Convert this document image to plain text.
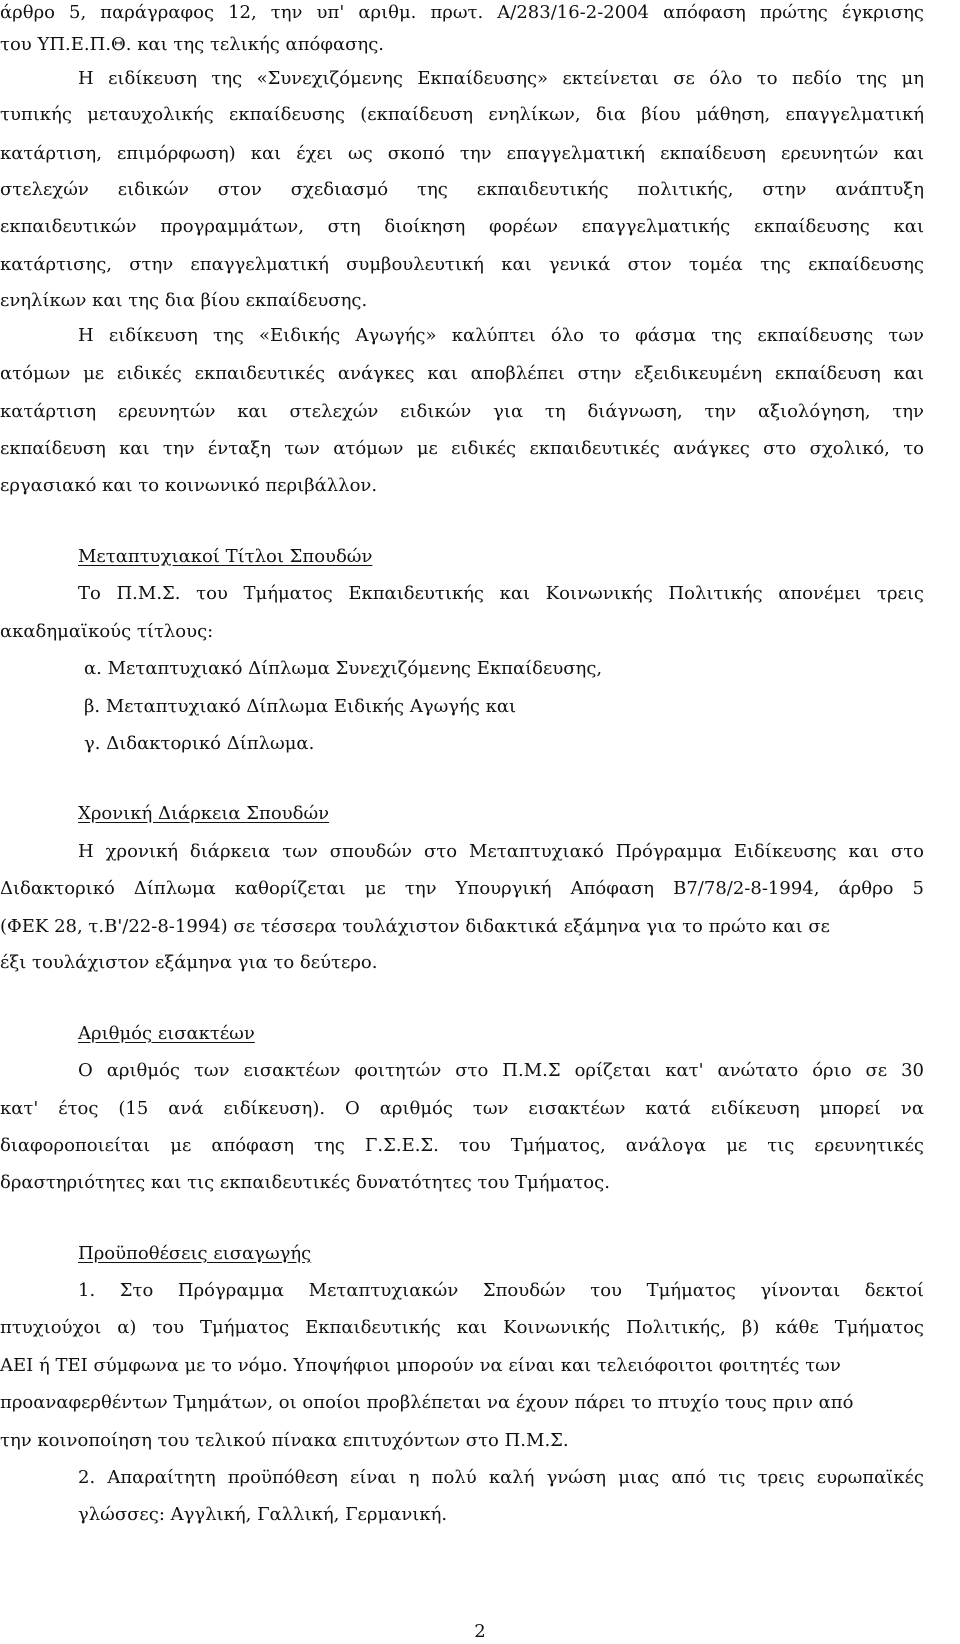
άρθρο 5, παράγραφος 12, την υπ' αριθμ. πρωτ. Α/283/16-2-2004 απόφαση πρώτης έγκρισης
του ΥΠ.Ε.Π.Θ. και της τελικής απόφασης.
Η ειδίκευση της «Συνεχιζόμενης Εκπαίδευσης» εκτείνεται σε όλο το πεδίο της μη
τυπικής μεταυχολικής εκπαίδευσης (εκπαίδευση ενηλίκων, δια βίου μάθηση, επαγγελματική
κατάρτιση, επιμόρφωση) και έχει ως σκοπό την επαγγελματική εκπαίδευση ερευνητών και
στελεχών ειδικών στον σχεδιασμό της εκπαιδευτικής πολιτικής, στην ανάπτυξη
εκπαιδευτικών προγραμμάτων, στη διοίκηση φορέων επαγγελματικής εκπαίδευσης και
κατάρτισης, στην επαγγελματική συμβουλευτική και γενικά στον τομέα της εκπαίδευσης
ενηλίκων και της δια βίου εκπαίδευσης.
Η ειδίκευση της «Ειδικής Αγωγής» καλύπτει όλο το φάσμα της εκπαίδευσης των
ατόμων με ειδικές εκπαιδευτικές ανάγκες και αποβλέπει στην εξειδικευμένη εκπαίδευση και
κατάρτιση ερευνητών και στελεχών ειδικών για τη διάγνωση, την αξιολόγηση, την
εκπαίδευση και την ένταξη των ατόμων με ειδικές εκπαιδευτικές ανάγκες στο σχολικό, το
εργασιακό και το κοινωνικό περιβάλλον.
Μεταπτυχιακοί Τίτλοι Σπουδών
Το Π.Μ.Σ. του Τμήματος Εκπαιδευτικής και Κοινωνικής Πολιτικής απονέμει τρεις
ακαδημαϊκούς τίτλους:
α. Μεταπτυχιακό Δίπλωμα Συνεχιζόμενης Εκπαίδευσης,
β. Μεταπτυχιακό Δίπλωμα Ειδικής Αγωγής και
γ. Διδακτορικό Δίπλωμα.
Χρονική Διάρκεια Σπουδών
Η χρονική διάρκεια των σπουδών στο Μεταπτυχιακό Πρόγραμμα Ειδίκευσης και στο
Διδακτορικό Δίπλωμα καθορίζεται με την Υπουργική Απόφαση Β7/78/2-8-1994, άρθρο 5
(ΦΕΚ 28, τ.Β'/22-8-1994) σε τέσσερα τουλάχιστον διδακτικά εξάμηνα για το πρώτο και σε
έξι τουλάχιστον εξάμηνα για το δεύτερο.
Αριθμός εισακτέων
Ο αριθμός των εισακτέων φοιτητών στο Π.Μ.Σ ορίζεται κατ' ανώτατο όριο σε 30
κατ' έτος (15 ανά ειδίκευση). Ο αριθμός των εισακτέων κατά ειδίκευση μπορεί να
διαφοροποιείται με απόφαση της Γ.Σ.Ε.Σ. του Τμήματος, ανάλογα με τις ερευνητικές
δραστηριότητες και τις εκπαιδευτικές δυνατότητες του Τμήματος.
Προϋποθέσεις εισαγωγής
1. Στο Πρόγραμμα Μεταπτυχιακών Σπουδών του Τμήματος γίνονται δεκτοί
πτυχιούχοι α) του Τμήματος Εκπαιδευτικής και Κοινωνικής Πολιτικής, β) κάθε Τμήματος
ΑΕΙ ή ΤΕΙ σύμφωνα με το νόμο. Υποψήφιοι μπορούν να είναι και τελειόφοιτοι φοιτητές των
προαναφερθέντων Τμημάτων, οι οποίοι προβλέπεται να έχουν πάρει το πτυχίο τους πριν από
την κοινοποίηση του τελικού πίνακα επιτυχόντων στο Π.Μ.Σ.
2. Απαραίτητη προϋπόθεση είναι η πολύ καλή γνώση μιας από τις τρεις ευρωπαϊκές
γλώσσες: Αγγλική, Γαλλική, Γερμανική.
2
